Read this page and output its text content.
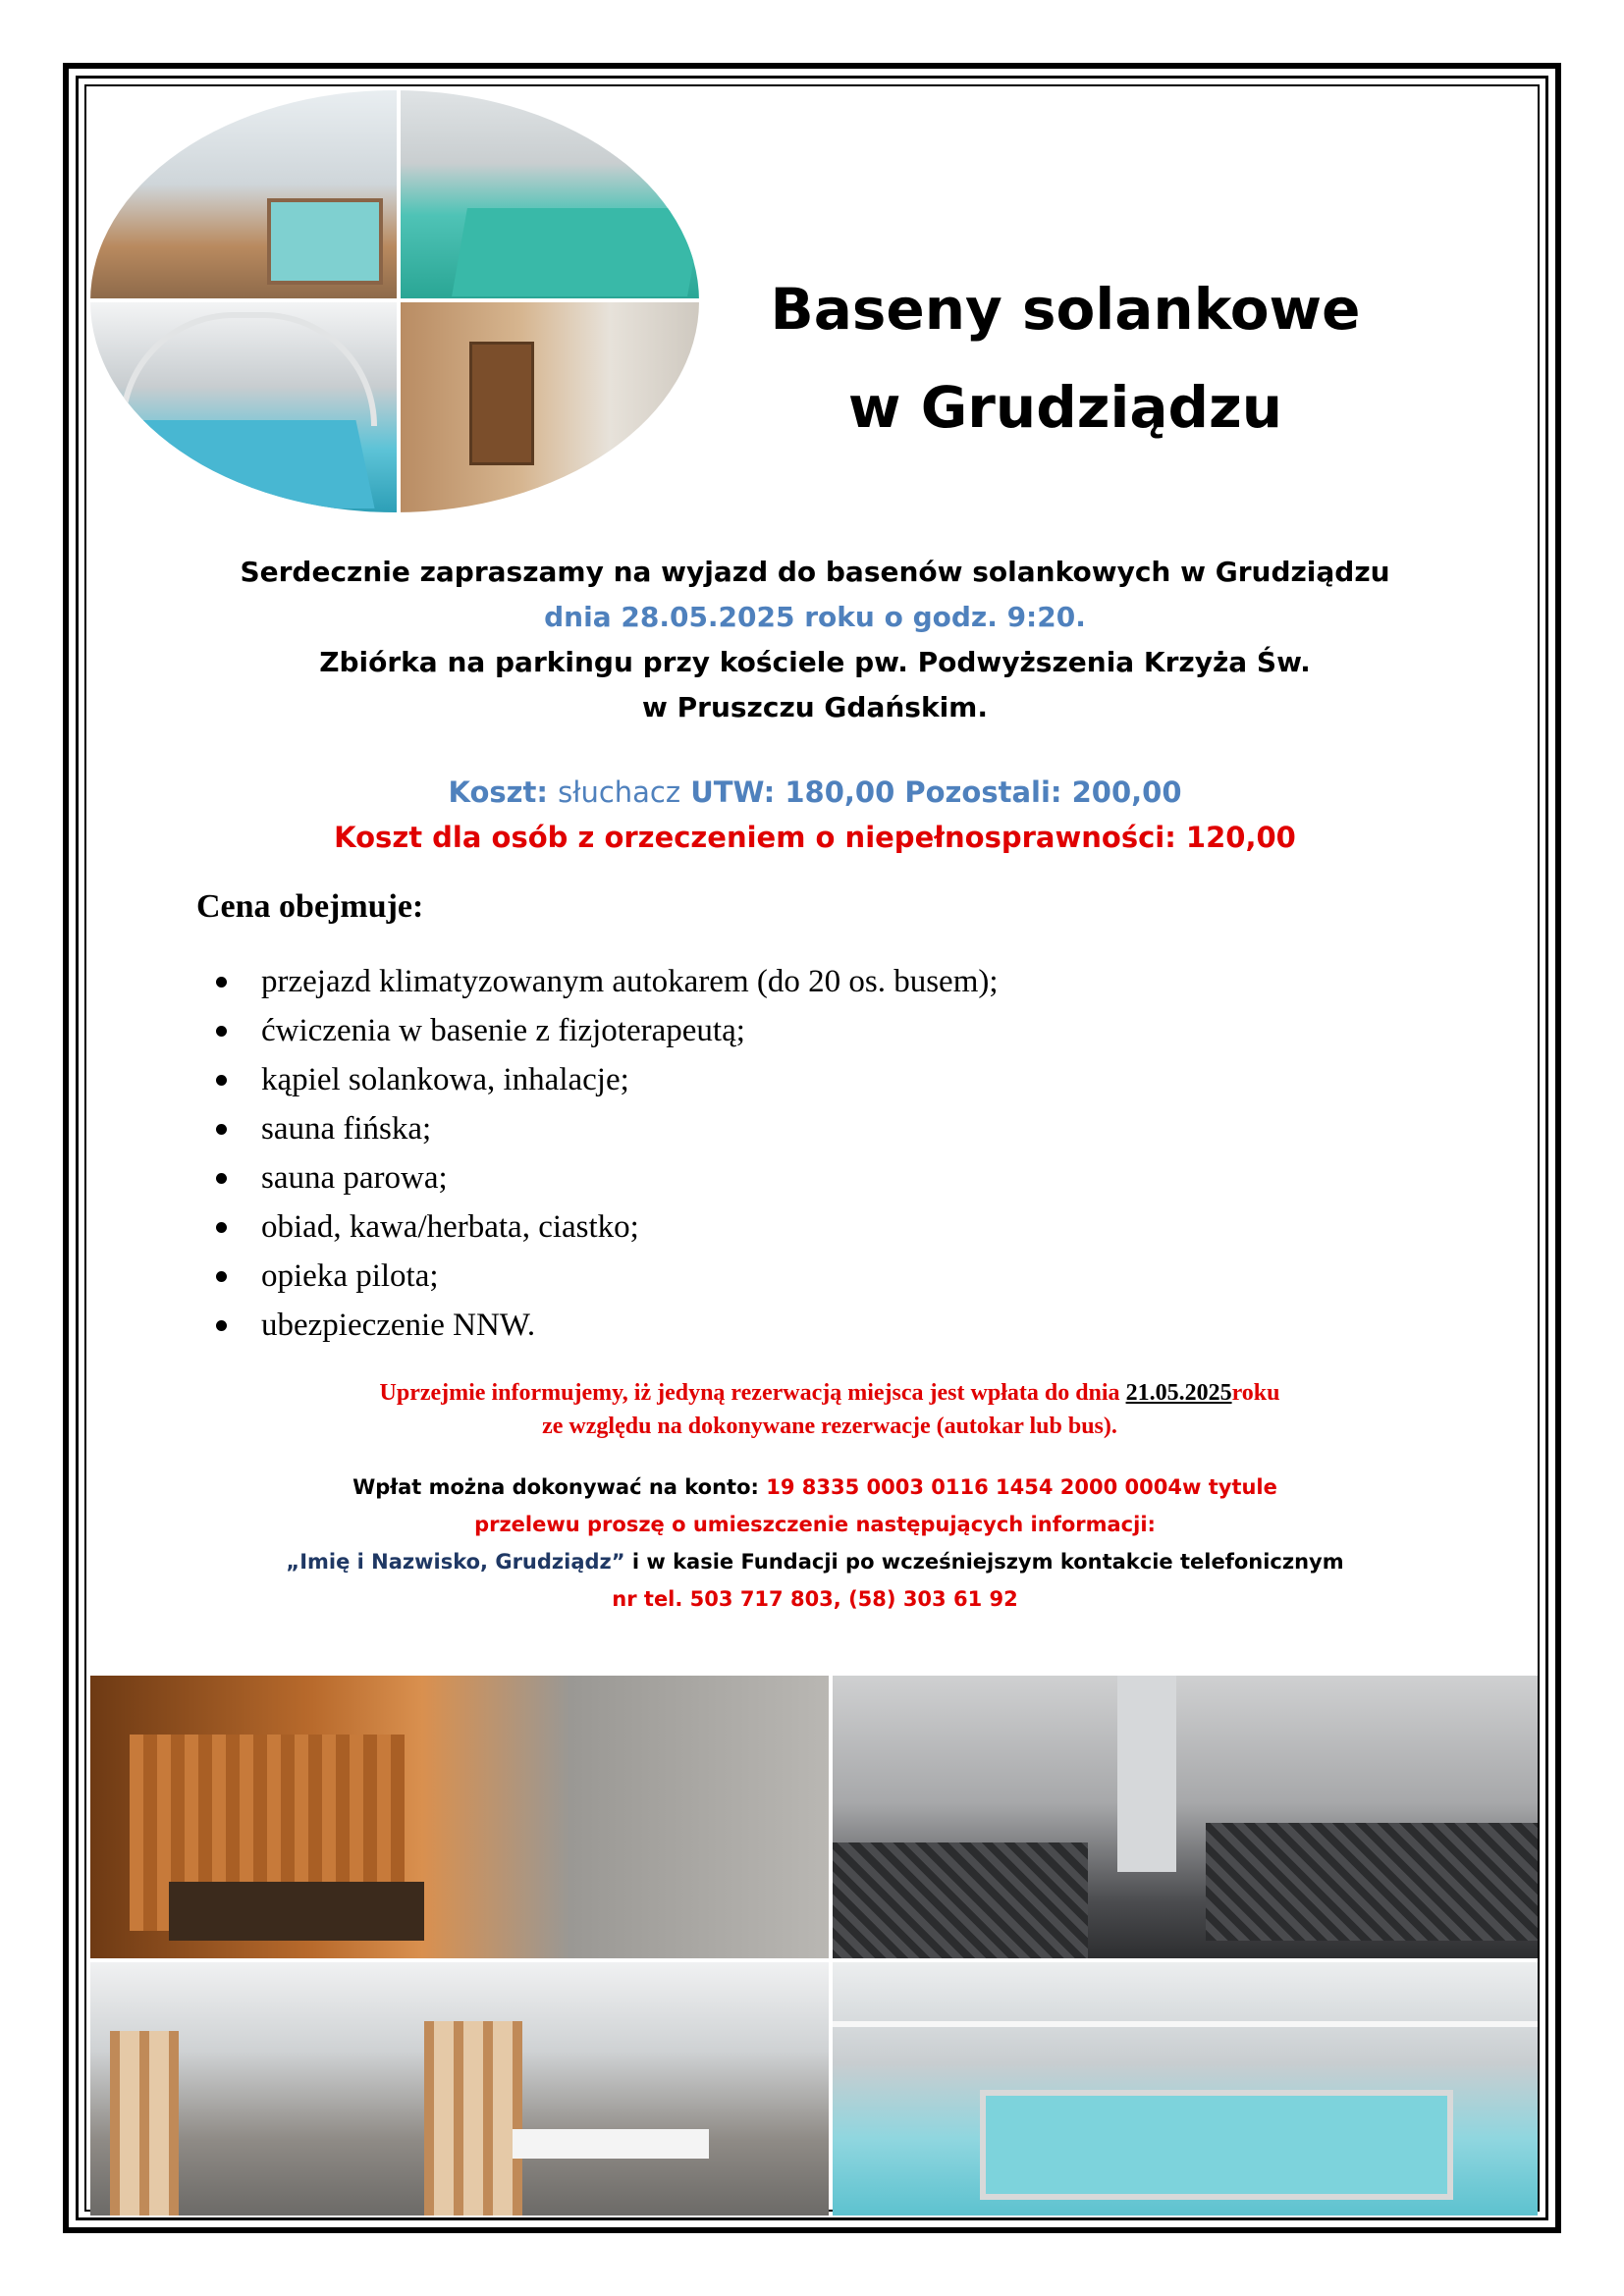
Baseny solankowe
w Grudziądzu
Serdecznie zapraszamy na wyjazd do basenów solankowych w Grudziądzu
dnia 28.05.2025 roku o godz. 9:20.
Zbiórka na parkingu przy kościele pw. Podwyższenia Krzyża Św.
w Pruszczu Gdańskim.
Koszt: słuchacz UTW: 180,00 Pozostali: 200,00
Koszt dla osób z orzeczeniem o niepełnosprawności: 120,00
Cena obejmuje:
przejazd klimatyzowanym autokarem (do 20 os. busem);
ćwiczenia w basenie z fizjoterapeutą;
kąpiel solankowa, inhalacje;
sauna fińska;
sauna parowa;
obiad, kawa/herbata, ciastko;
opieka pilota;
ubezpieczenie NNW.
Uprzejmie informujemy, iż jedyną rezerwacją miejsca jest wpłata do dnia 21.05.2025roku
ze względu na dokonywane rezerwacje (autokar lub bus).
Wpłat można dokonywać na konto: 19 8335 0003 0116 1454 2000 0004w tytule
przelewu proszę o umieszczenie następujących informacji:
„Imię i Nazwisko, Grudziądz” i w kasie Fundacji po wcześniejszym kontakcie telefonicznym
nr tel. 503 717 803, (58) 303 61 92
